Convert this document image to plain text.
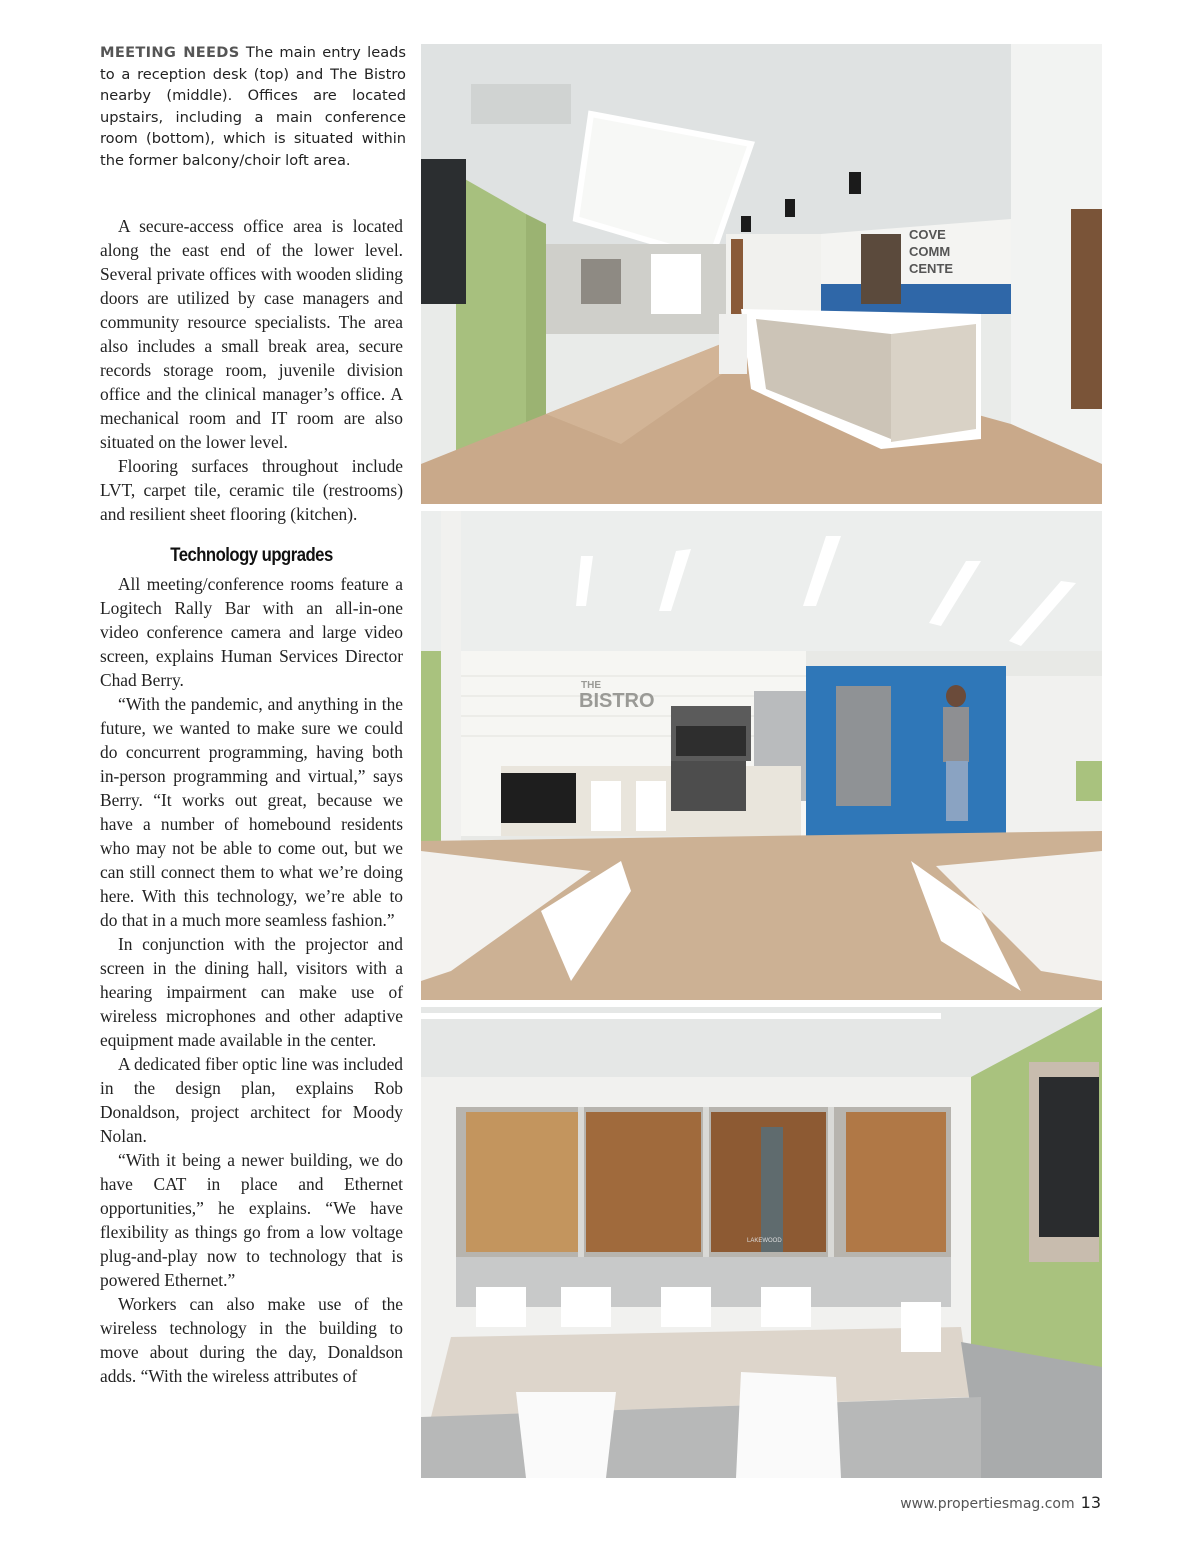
MEETING NEEDS The main entry leads to a reception desk (top) and The Bistro nearby (middle). Offices are located upstairs, including a main conference room (bottom), which is situated within the former balcony/choir loft area.

A secure-access office area is located along the east end of the lower level. Several private offices with wooden sliding doors are utilized by case managers and community resource specialists. The area also includes a small break area, secure records storage room, juvenile division office and the clinical manager’s office. A mechanical room and IT room are also situated on the lower level.

Flooring surfaces throughout include LVT, carpet tile, ceramic tile (restrooms) and resilient sheet flooring (kitchen).

Technology upgrades

All meeting/conference rooms feature a Logitech Rally Bar with an all-in-one video conference camera and large video screen, explains Human Services Director Chad Berry.

“With the pandemic, and anything in the future, we wanted to make sure we could do concurrent programming, having both in-person programming and virtual,” says Berry. “It works out great, because we have a number of homebound residents who may not be able to come out, but we can still connect them to what we’re doing here. With this technology, we’re able to do that in a much more seamless fashion.”

In conjunction with the projector and screen in the dining hall, visitors with a hearing impairment can make use of wireless microphones and other adaptive equipment made available in the center.

A dedicated fiber optic line was included in the design plan, explains Rob Donaldson, project architect for Moody Nolan.

“With it being a newer building, we do have CAT in place and Ethernet opportunities,” he explains. “We have flexibility as things go from a low voltage plug-and-play now to technology that is powered Ethernet.”

Workers can also make use of the wireless technology in the building to move about during the day, Donaldson adds. “With the wireless attributes of

COVE
COMM
CENTE
THE
BISTRO
LAKEWOOD
www.propertiesmag.com 13
